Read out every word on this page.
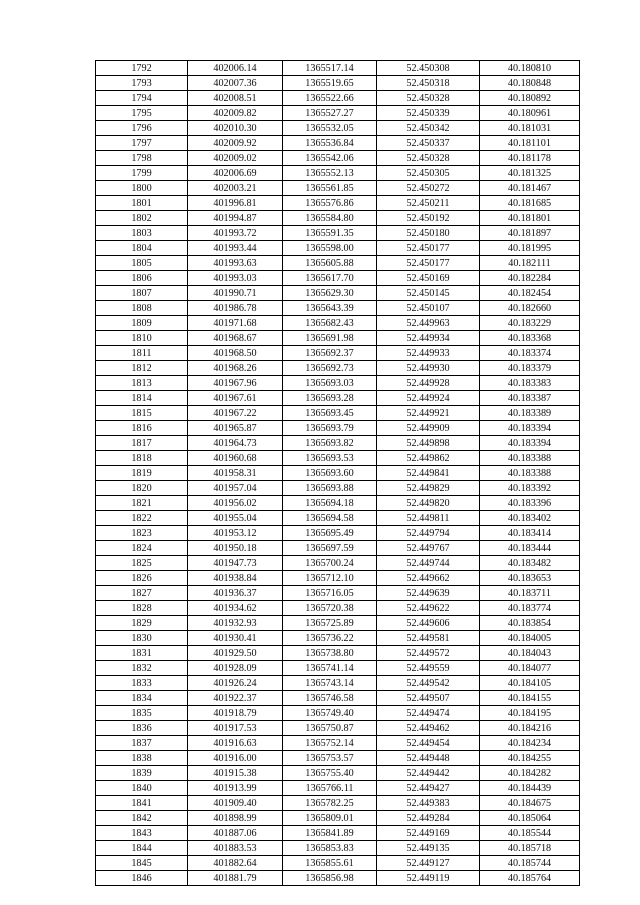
1792	402006.14	1365517.14	52.450308	40.180810
1793	402007.36	1365519.65	52.450318	40.180848
1794	402008.51	1365522.66	52.450328	40.180892
1795	402009.82	1365527.27	52.450339	40.180961
1796	402010.30	1365532.05	52.450342	40.181031
1797	402009.92	1365536.84	52.450337	40.181101
1798	402009.02	1365542.06	52.450328	40.181178
1799	402006.69	1365552.13	52.450305	40.181325
1800	402003.21	1365561.85	52.450272	40.181467
1801	401996.81	1365576.86	52.450211	40.181685
1802	401994.87	1365584.80	52.450192	40.181801
1803	401993.72	1365591.35	52.450180	40.181897
1804	401993.44	1365598.00	52.450177	40.181995
1805	401993.63	1365605.88	52.450177	40.182111
1806	401993.03	1365617.70	52.450169	40.182284
1807	401990.71	1365629.30	52.450145	40.182454
1808	401986.78	1365643.39	52.450107	40.182660
1809	401971.68	1365682.43	52.449963	40.183229
1810	401968.67	1365691.98	52.449934	40.183368
1811	401968.50	1365692.37	52.449933	40.183374
1812	401968.26	1365692.73	52.449930	40.183379
1813	401967.96	1365693.03	52.449928	40.183383
1814	401967.61	1365693.28	52.449924	40.183387
1815	401967.22	1365693.45	52.449921	40.183389
1816	401965.87	1365693.79	52.449909	40.183394
1817	401964.73	1365693.82	52.449898	40.183394
1818	401960.68	1365693.53	52.449862	40.183388
1819	401958.31	1365693.60	52.449841	40.183388
1820	401957.04	1365693.88	52.449829	40.183392
1821	401956.02	1365694.18	52.449820	40.183396
1822	401955.04	1365694.58	52.449811	40.183402
1823	401953.12	1365695.49	52.449794	40.183414
1824	401950.18	1365697.59	52.449767	40.183444
1825	401947.73	1365700.24	52.449744	40.183482
1826	401938.84	1365712.10	52.449662	40.183653
1827	401936.37	1365716.05	52.449639	40.183711
1828	401934.62	1365720.38	52.449622	40.183774
1829	401932.93	1365725.89	52.449606	40.183854
1830	401930.41	1365736.22	52.449581	40.184005
1831	401929.50	1365738.80	52.449572	40.184043
1832	401928.09	1365741.14	52.449559	40.184077
1833	401926.24	1365743.14	52.449542	40.184105
1834	401922.37	1365746.58	52.449507	40.184155
1835	401918.79	1365749.40	52.449474	40.184195
1836	401917.53	1365750.87	52.449462	40.184216
1837	401916.63	1365752.14	52.449454	40.184234
1838	401916.00	1365753.57	52.449448	40.184255
1839	401915.38	1365755.40	52.449442	40.184282
1840	401913.99	1365766.11	52.449427	40.184439
1841	401909.40	1365782.25	52.449383	40.184675
1842	401898.99	1365809.01	52.449284	40.185064
1843	401887.06	1365841.89	52.449169	40.185544
1844	401883.53	1365853.83	52.449135	40.185718
1845	401882.64	1365855.61	52.449127	40.185744
1846	401881.79	1365856.98	52.449119	40.185764
